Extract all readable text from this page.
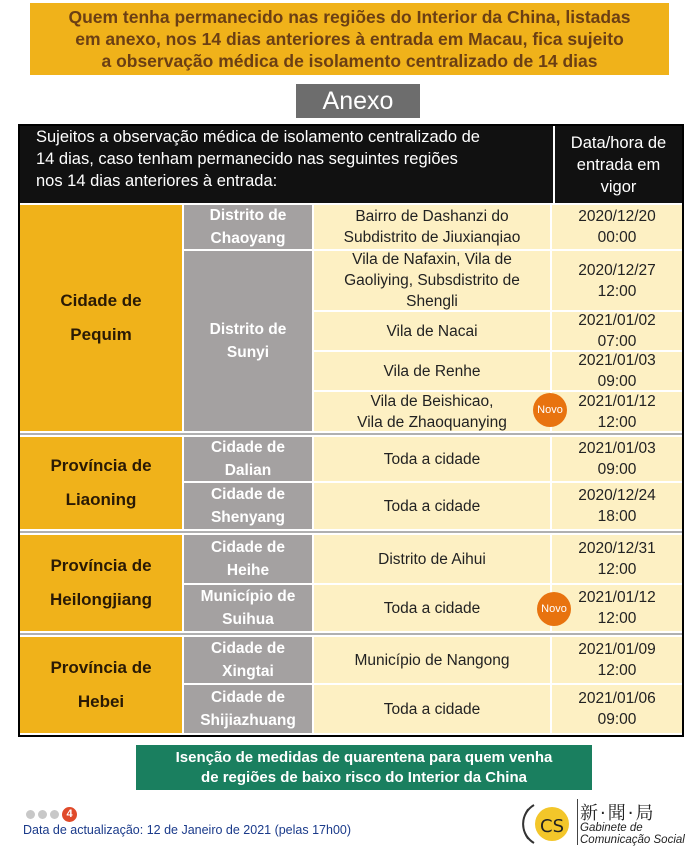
Quem tenha permanecido nas regiões do Interior da China, listadas
em anexo, nos 14 dias anteriores à entrada em Macau, fica sujeito
a observação médica de isolamento centralizado de 14 dias
Anexo
Sujeitos a observação médica de isolamento centralizado de
14 dias, caso tenham permanecido nas seguintes regiões
nos 14 dias anteriores à entrada:
Data/hora de
entrada em
vigor
Cidade de
Pequim
Distrito de
Chaoyang
Bairro de Dashanzi do
Subdistrito de Jiuxianqiao
2020/12/20
00:00
Distrito de
Sunyi
Vila de Nafaxin, Vila de
Gaoliying, Subsdistrito de
Shengli
2020/12/27
12:00
Vila de Nacai
2021/01/02
07:00
Vila de Renhe
2021/01/03
09:00
Vila de Beishicao,
Vila de Zhaoquanying
2021/01/12
12:00
Província de
Liaoning
Cidade de
Dalian
Toda a cidade
2021/01/03
09:00
Cidade de
Shenyang
Toda a cidade
2020/12/24
18:00
Província de
Heilongjiang
Cidade de
Heihe
Distrito de Aihui
2020/12/31
12:00
Município de
Suihua
Toda a cidade
2021/01/12
12:00
Província de
Hebei
Cidade de
Xingtai
Município de Nangong
2021/01/09
12:00
Cidade de
Shijiazhuang
Toda a cidade
2021/01/06
09:00
Novo
Novo
Isenção de medidas de quarentena para quem venha
de regiões de baixo risco do Interior da China
4
Data de actualização: 12 de Janeiro de 2021 (pelas 17h00)	CS
新·聞·局
Gabinete de
Comunicação Social
